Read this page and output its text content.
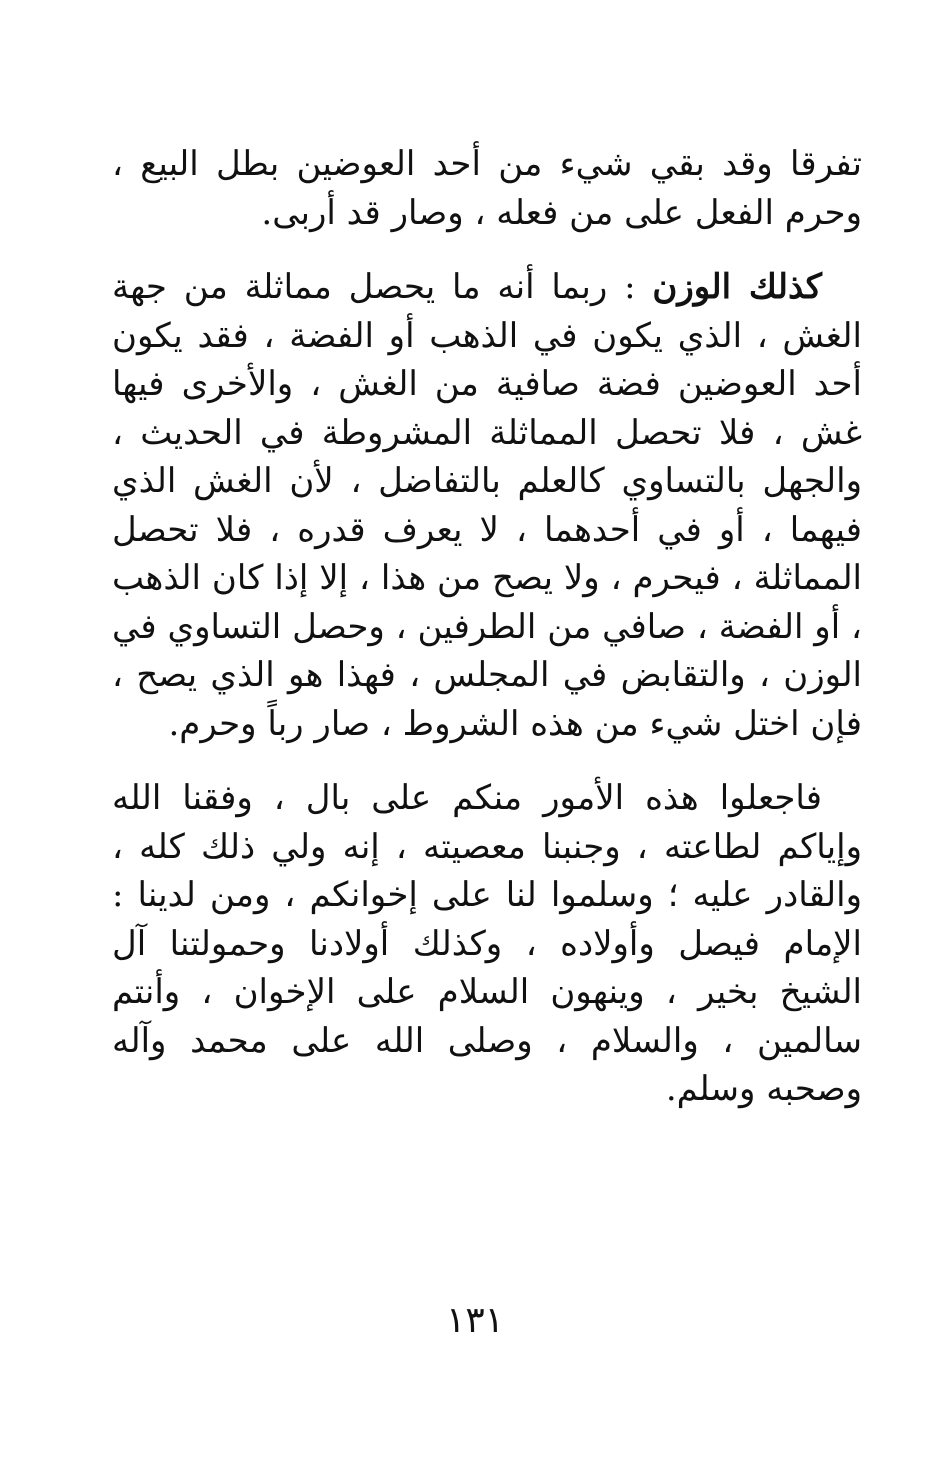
تفرقا وقد بقي شيء من أحد العوضين بطل البيع ، وحرم الفعل على من فعله ، وصار قد أربى.

كذلك الوزن : ربما أنه ما يحصل مماثلة من جهة الغش ، الذي يكون في الذهب أو الفضة ، فقد يكون أحد العوضين فضة صافية من الغش ، والأخرى فيها غش ، فلا تحصل المماثلة المشروطة في الحديث ، والجهل بالتساوي كالعلم بالتفاضل ، لأن الغش الذي فيهما ، أو في أحدهما ، لا يعرف قدره ، فلا تحصل المماثلة ، فيحرم ، ولا يصح من هذا ، إلا إذا كان الذهب ، أو الفضة ، صافي من الطرفين ، وحصل التساوي في الوزن ، والتقابض في المجلس ، فهذا هو الذي يصح ، فإن اختل شيء من هذه الشروط ، صار رباً وحرم.

فاجعلوا هذه الأمور منكم على بال ، وفقنا الله وإياكم لطاعته ، وجنبنا معصيته ، إنه ولي ذلك كله ، والقادر عليه ؛ وسلموا لنا على إخوانكم ، ومن لدينا : الإمام فيصل وأولاده ، وكذلك أولادنا وحمولتنا آل الشيخ بخير ، وينهون السلام على الإخوان ، وأنتم سالمين ، والسلام ، وصلى الله على محمد وآله وصحبه وسلم.

١٣١
